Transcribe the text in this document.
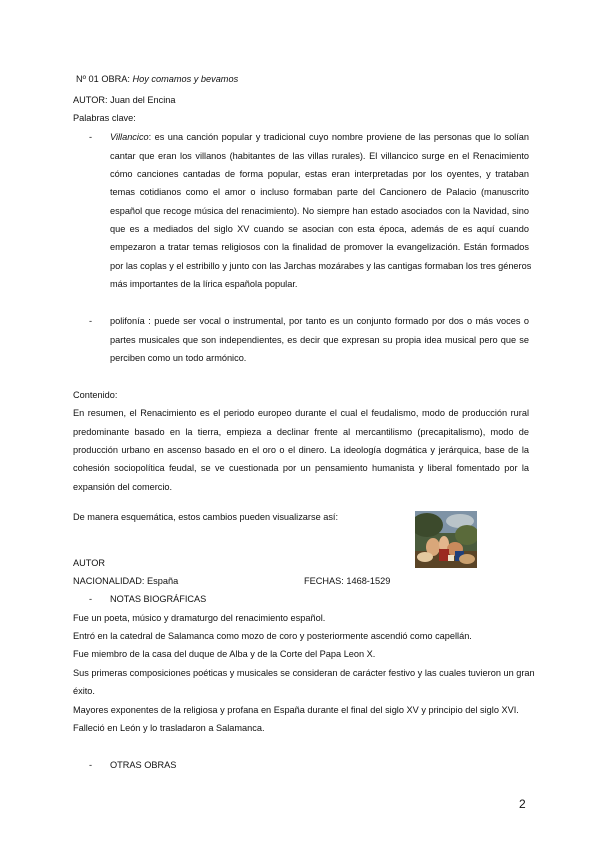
Nº 01 OBRA: Hoy comamos y bevamos
AUTOR: Juan del Encina
Palabras clave:
- Villancico: es una canción popular y tradicional cuyo nombre proviene de las personas que lo solían
cantar que eran los villanos (habitantes de las villas rurales). El villancico surge en el Renacimiento
cómo canciones cantadas de forma popular, estas eran interpretadas por los oyentes, y trataban
temas cotidianos como el amor o incluso formaban parte del Cancionero de Palacio (manuscrito
español que recoge música del renacimiento). No siempre han estado asociados con la Navidad, sino
que es a mediados del siglo XV cuando se asocian con esta época, además de es aquí cuando
empezaron a tratar temas religiosos con la finalidad de promover la evangelización. Están formados
por las coplas y el estribillo y junto con las Jarchas mozárabes y las cantigas formaban los tres géneros
más importantes de la lírica española popular.
- polifonía : puede ser vocal o instrumental, por tanto es un conjunto formado por dos o más voces o
partes musicales que son independientes, es decir que expresan su propia idea musical pero que se
perciben como un todo armónico.
Contenido:
En resumen, el Renacimiento es el periodo europeo durante el cual el feudalismo, modo de producción rural
predominante basado en la tierra, empieza a declinar frente al mercantilismo (precapitalismo), modo de
producción urbano en ascenso basado en el oro o el dinero. La ideología dogmática y jerárquica, base de la
cohesión sociopolítica feudal, se ve cuestionada por un pensamiento humanista y liberal fomentado por la
expansión del comercio.
De manera esquemática, estos cambios pueden visualizarse así:
AUTOR
NACIONALIDAD: España	FECHAS: 1468-1529
- NOTAS BIOGRÁFICAS
Fue un poeta, músico y dramaturgo del renacimiento español.
Entró en la catedral de Salamanca como mozo de coro y posteriormente ascendió como capellán.
Fue miembro de la casa del duque de Alba y de la Corte del Papa Leon X.
Sus primeras composiciones poéticas y musicales se consideran de carácter festivo y las cuales tuvieron un gran
éxito.
Mayores exponentes de la religiosa y profana en España durante el final del siglo XV y principio del siglo XVI.
Falleció en León y lo trasladaron a Salamanca.
- OTRAS OBRAS
2
